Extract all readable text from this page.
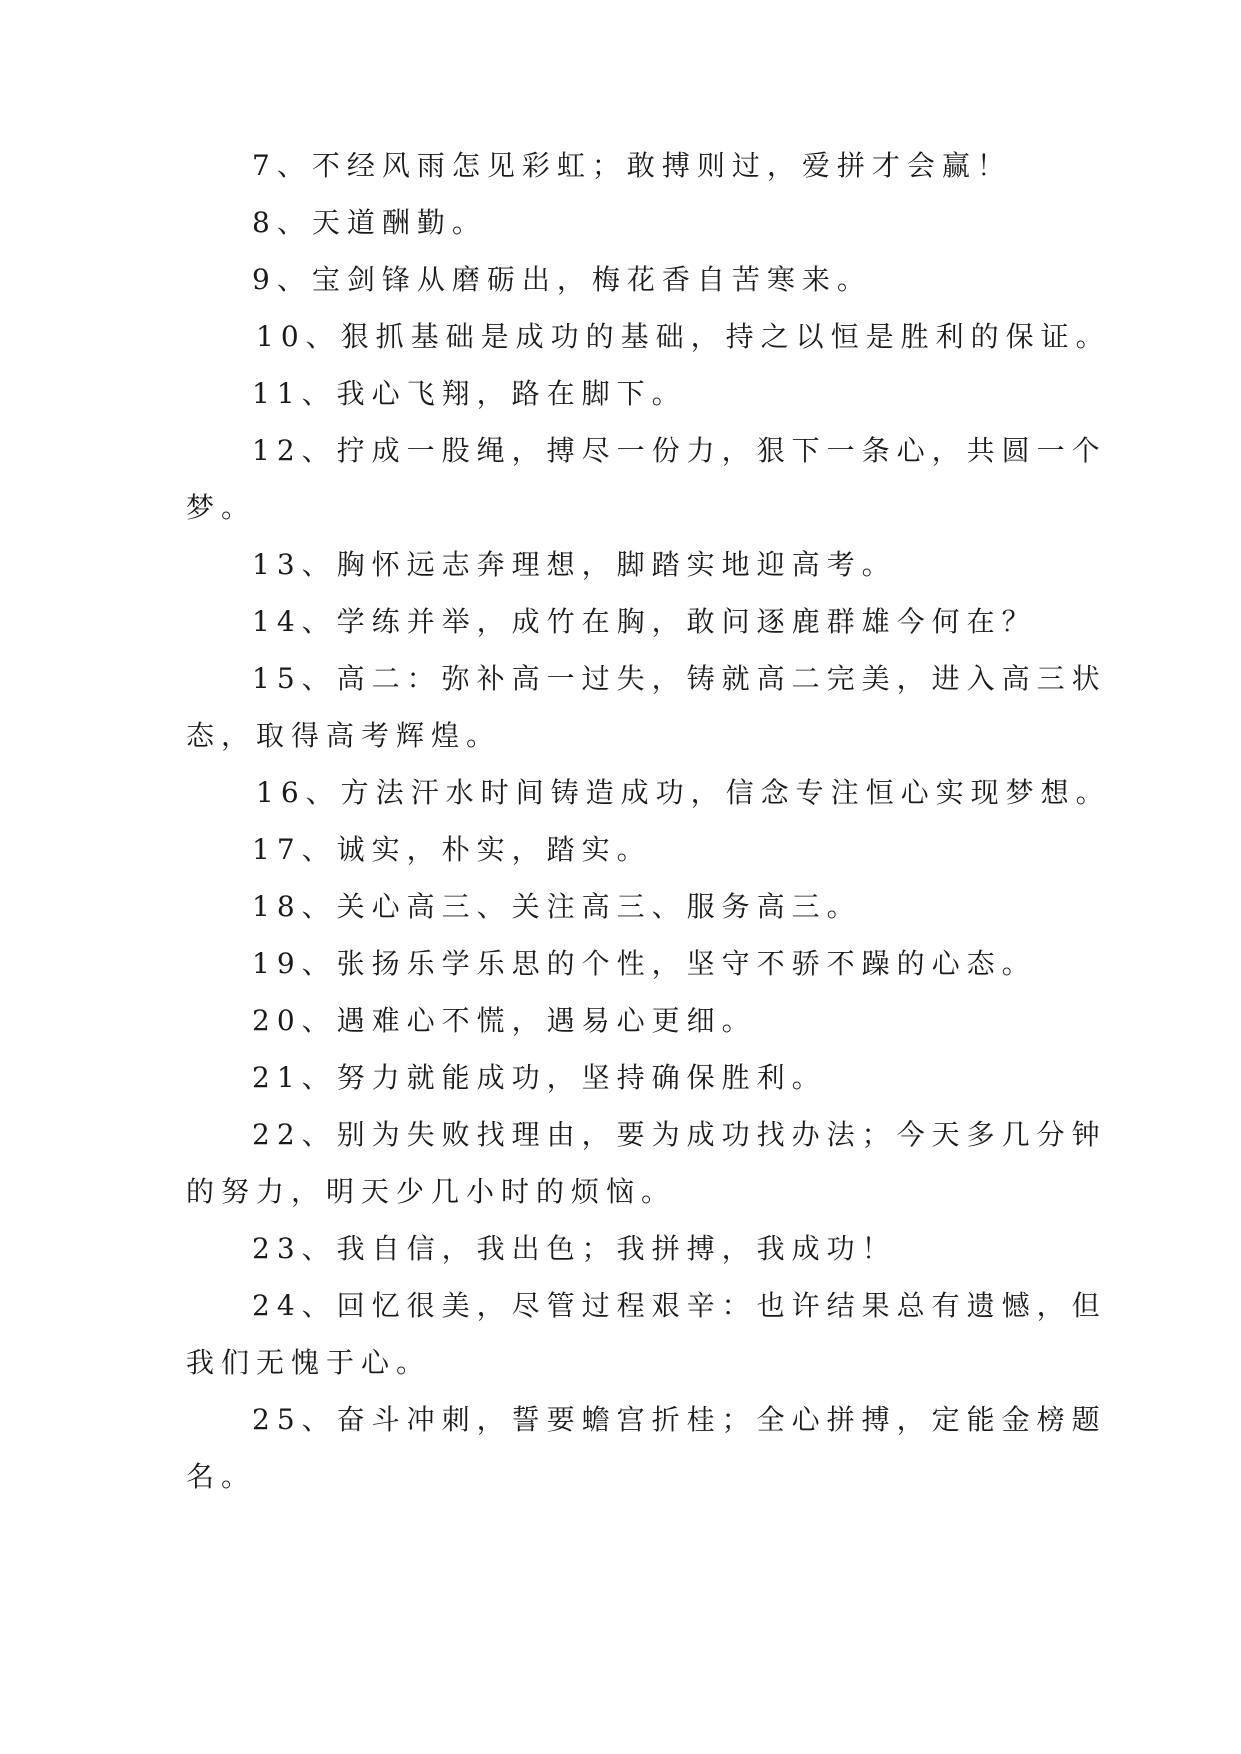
7、不经风雨怎见彩虹；敢搏则过，爱拼才会赢！
8、天道酬勤。
9、宝剑锋从磨砺出，梅花香自苦寒来。
10、狠抓基础是成功的基础，持之以恒是胜利的保证。
11、我心飞翔，路在脚下。
12、拧成一股绳，搏尽一份力，狠下一条心，共圆一个
梦。
13、胸怀远志奔理想，脚踏实地迎高考。
14、学练并举，成竹在胸，敢问逐鹿群雄今何在？
15、高二：弥补高一过失，铸就高二完美，进入高三状
态，取得高考辉煌。
16、方法汗水时间铸造成功，信念专注恒心实现梦想。
17、诚实，朴实，踏实。
18、关心高三、关注高三、服务高三。
19、张扬乐学乐思的个性，坚守不骄不躁的心态。
20、遇难心不慌，遇易心更细。
21、努力就能成功，坚持确保胜利。
22、别为失败找理由，要为成功找办法；今天多几分钟
的努力，明天少几小时的烦恼。
23、我自信，我出色；我拼搏，我成功！
24、回忆很美，尽管过程艰辛：也许结果总有遗憾，但
我们无愧于心。
25、奋斗冲刺，誓要蟾宫折桂；全心拼搏，定能金榜题
名。
